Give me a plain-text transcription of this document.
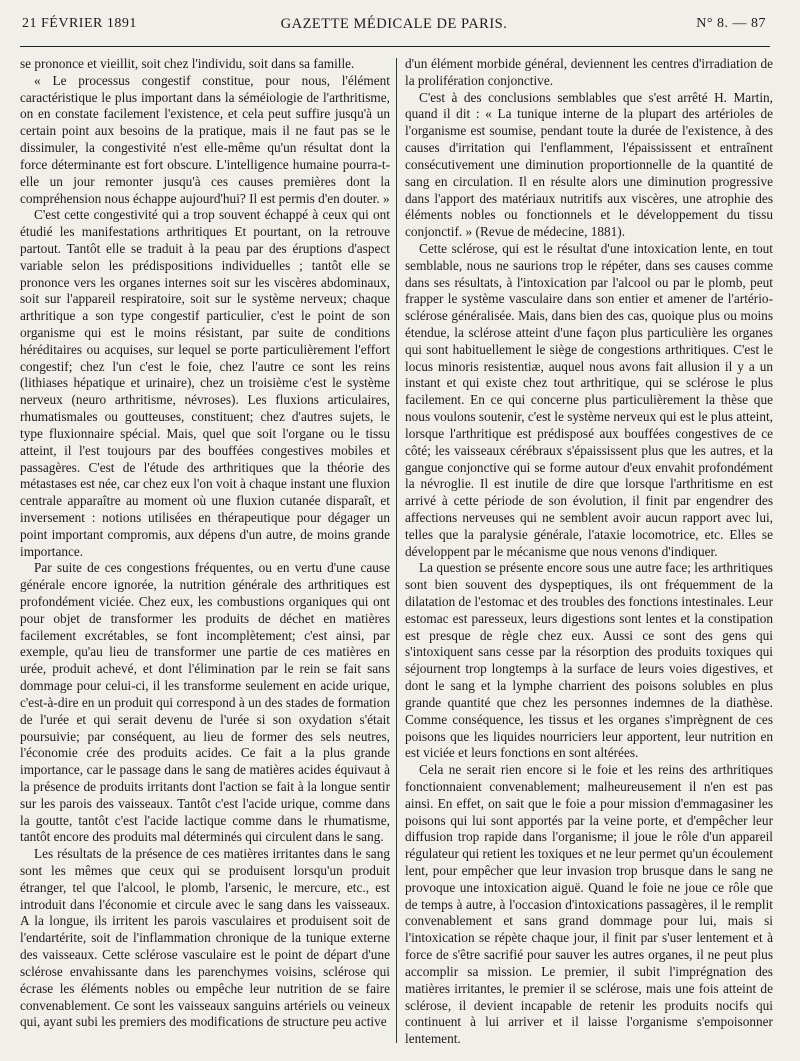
21 FÉVRIER 1891	GAZETTE MÉDICALE DE PARIS.	N° 8. — 87

se prononce et vieillit, soit chez l'individu, soit dans sa famille.

« Le processus congestif constitue, pour nous, l'élément caractéristique le plus important dans la séméiologie de l'arthritisme, on en constate facilement l'existence, et cela peut suffire jusqu'à un certain point aux besoins de la pratique, mais il ne faut pas se le dissimuler, la congestivité n'est elle-même qu'un résultat dont la force déterminante est fort obscure. L'intelligence humaine pourra-t-elle un jour remonter jusqu'à ces causes premières dont la compréhension nous échappe aujourd'hui? Il est permis d'en douter. »

C'est cette congestivité qui a trop souvent échappé à ceux qui ont étudié les manifestations arthritiques Et pourtant, on la retrouve partout. Tantôt elle se traduit à la peau par des éruptions d'aspect variable selon les prédispositions individuelles ; tantôt elle se prononce vers les organes internes soit sur les viscères abdominaux, soit sur l'appareil respiratoire, soit sur le système nerveux; chaque arthritique a son type congestif particulier, c'est le point de son organisme qui est le moins résistant, par suite de conditions héréditaires ou acquises, sur lequel se porte particulièrement l'effort congestif; chez l'un c'est le foie, chez l'autre ce sont les reins (lithiases hépatique et urinaire), chez un troisième c'est le système nerveux (neuro arthritisme, névroses). Les fluxions articulaires, rhumatismales ou goutteuses, constituent; chez d'autres sujets, le type fluxionnaire spécial. Mais, quel que soit l'organe ou le tissu atteint, il l'est toujours par des bouffées congestives mobiles et passagères. C'est de l'étude des arthritiques que la théorie des métastases est née, car chez eux l'on voit à chaque instant une fluxion centrale apparaître au moment où une fluxion cutanée disparaît, et inversement : notions utilisées en thérapeutique pour dégager un point important compromis, aux dépens d'un autre, de moins grande importance.

Par suite de ces congestions fréquentes, ou en vertu d'une cause générale encore ignorée, la nutrition générale des arthritiques est profondément viciée. Chez eux, les combustions organiques qui ont pour objet de transformer les produits de déchet en matières facilement excrétables, se font incomplètement; c'est ainsi, par exemple, qu'au lieu de transformer une partie de ces matières en urée, produit achevé, et dont l'élimination par le rein se fait sans dommage pour celui-ci, il les transforme seulement en acide urique, c'est-à-dire en un produit qui correspond à un des stades de formation de l'urée et qui serait devenu de l'urée si son oxydation s'était poursuivie; par conséquent, au lieu de former des sels neutres, l'économie crée des produits acides. Ce fait a la plus grande importance, car le passage dans le sang de matières acides équivaut à la présence de produits irritants dont l'action se fait à la longue sentir sur les parois des vaisseaux. Tantôt c'est l'acide urique, comme dans la goutte, tantôt c'est l'acide lactique comme dans le rhumatisme, tantôt encore des produits mal déterminés qui circulent dans le sang.

Les résultats de la présence de ces matières irritantes dans le sang sont les mêmes que ceux qui se produisent lorsqu'un produit étranger, tel que l'alcool, le plomb, l'arsenic, le mercure, etc., est introduit dans l'économie et circule avec le sang dans les vaisseaux. A la longue, ils irritent les parois vasculaires et produisent soit de l'endartérite, soit de l'inflammation chronique de la tunique externe des vaisseaux. Cette sclérose vasculaire est le point de départ d'une sclérose envahissante dans les parenchymes voisins, sclérose qui écrase les éléments nobles ou empêche leur nutrition de se faire convenablement. Ce sont les vaisseaux sanguins artériels ou veineux qui, ayant subi les premiers des modifications de structure peu active

d'un élément morbide général, deviennent les centres d'irradiation de la prolifération conjonctive.

C'est à des conclusions semblables que s'est arrêté H. Martin, quand il dit : « La tunique interne de la plupart des artérioles de l'organisme est soumise, pendant toute la durée de l'existence, à des causes d'irritation qui l'enflamment, l'épaississent et entraînent consécutivement une diminution proportionnelle de la quantité de sang en circulation. Il en résulte alors une diminution progressive dans l'apport des matériaux nutritifs aux viscères, une atrophie des éléments nobles ou fonctionnels et le développement du tissu conjonctif. » (Revue de médecine, 1881).

Cette sclérose, qui est le résultat d'une intoxication lente, en tout semblable, nous ne saurions trop le répéter, dans ses causes comme dans ses résultats, à l'intoxication par l'alcool ou par le plomb, peut frapper le système vasculaire dans son entier et amener de l'artério-sclérose généralisée. Mais, dans bien des cas, quoique plus ou moins étendue, la sclérose atteint d'une façon plus particulière les organes qui sont habituellement le siège de congestions arthritiques. C'est le locus minoris resistentiæ, auquel nous avons fait allusion il y a un instant et qui existe chez tout arthritique, qui se sclérose le plus facilement. En ce qui concerne plus particulièrement la thèse que nous voulons soutenir, c'est le système nerveux qui est le plus atteint, lorsque l'arthritique est prédisposé aux bouffées congestives de ce côté; les vaisseaux cérébraux s'épaississent plus que les autres, et la gangue conjonctive qui se forme autour d'eux envahit profondément la névroglie. Il est inutile de dire que lorsque l'arthritisme en est arrivé à cette période de son évolution, il finit par engendrer des affections nerveuses qui ne semblent avoir aucun rapport avec lui, telles que la paralysie générale, l'ataxie locomotrice, etc. Elles se développent par le mécanisme que nous venons d'indiquer.

La question se présente encore sous une autre face; les arthritiques sont bien souvent des dyspeptiques, ils ont fréquemment de la dilatation de l'estomac et des troubles des fonctions intestinales. Leur estomac est paresseux, leurs digestions sont lentes et la constipation est presque de règle chez eux. Aussi ce sont des gens qui s'intoxiquent sans cesse par la résorption des produits toxiques qui séjournent trop longtemps à la surface de leurs voies digestives, et dont le sang et la lymphe charrient des poisons solubles en plus grande quantité que chez les personnes indemnes de la diathèse. Comme conséquence, les tissus et les organes s'imprègnent de ces poisons que les liquides nourriciers leur apportent, leur nutrition en est viciée et leurs fonctions en sont altérées.

Cela ne serait rien encore si le foie et les reins des arthritiques fonctionnaient convenablement; malheureusement il n'en est pas ainsi. En effet, on sait que le foie a pour mission d'emmagasiner les poisons qui lui sont apportés par la veine porte, et d'empêcher leur diffusion trop rapide dans l'organisme; il joue le rôle d'un appareil régulateur qui retient les toxiques et ne leur permet qu'un écoulement lent, pour empêcher que leur invasion trop brusque dans le sang ne provoque une intoxication aiguë. Quand le foie ne joue ce rôle que de temps à autre, à l'occasion d'intoxications passagères, il le remplit convenablement et sans grand dommage pour lui, mais si l'intoxication se répète chaque jour, il finit par s'user lentement et à force de s'être sacrifié pour sauver les autres organes, il ne peut plus accomplir sa mission. Le premier, il subit l'imprégnation des matières irritantes, le premier il se sclérose, mais une fois atteint de sclérose, il devient incapable de retenir les produits nocifs qui continuent à lui arriver et il laisse l'organisme s'empoisonner lentement.
